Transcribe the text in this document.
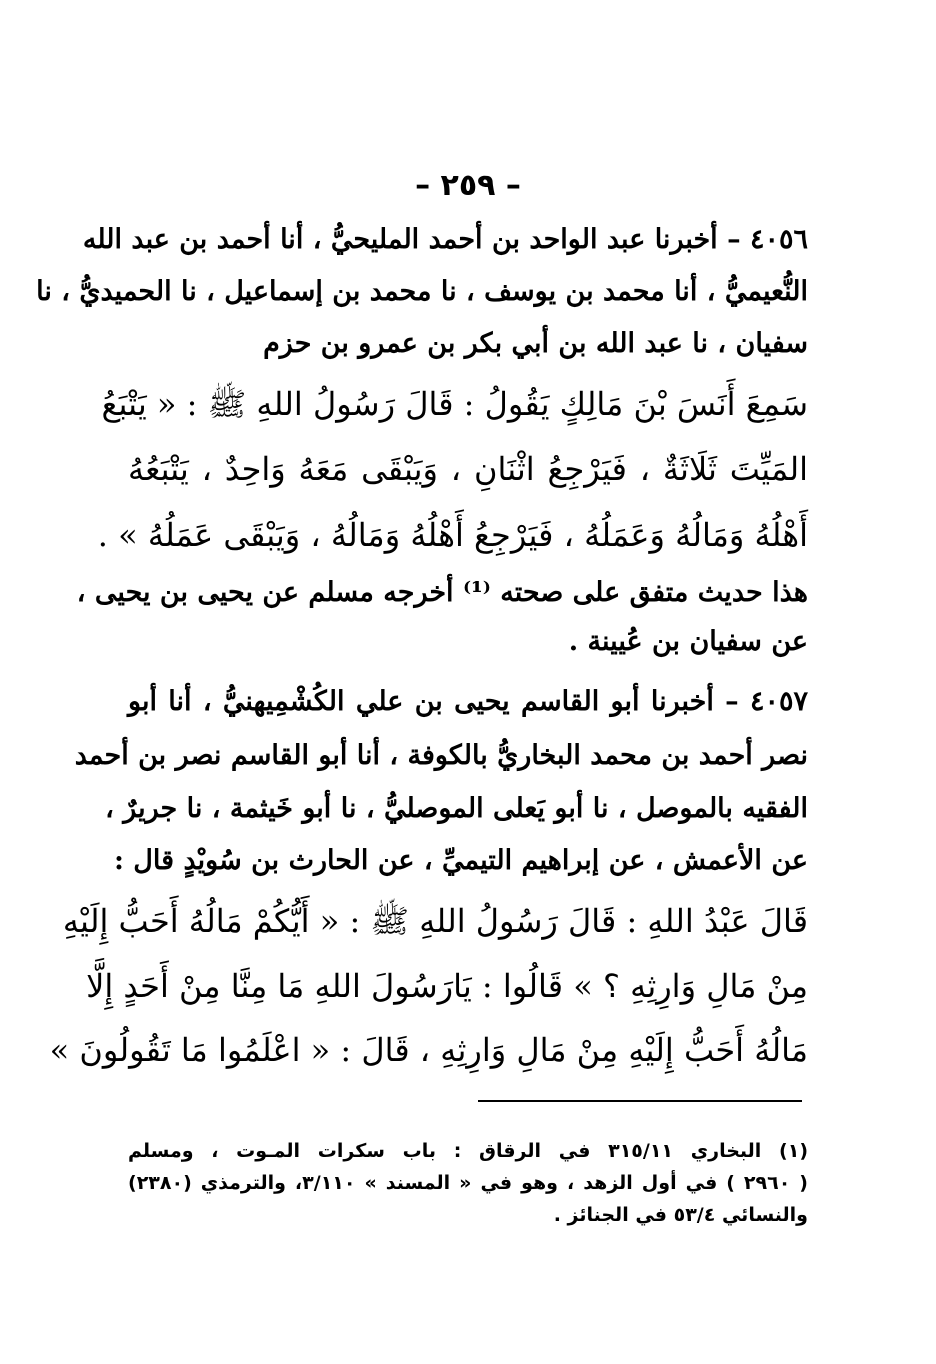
– ٢٥٩ –
٤٠٥٦ – أخبرنا عبد الواحد بن أحمد المليحيُّ ، أنا أحمد بن عبد الله
النُّعيميُّ ، أنا محمد بن يوسف ، نا محمد بن إسماعيل ، نا الحميديُّ ، نا
سفيان ، نا عبد الله بن أبي بكر بن عمرو بن حزم
سَمِعَ أَنَسَ بْنَ مَالِكٍ يَقُولُ : قَالَ رَسُولُ اللهِ ﷺ : « يَتْبَعُ
المَيِّتَ ثَلَاثَةٌ ، فَيَرْجِعُ اثْنَانِ ، وَيَبْقَى مَعَهُ وَاحِدٌ ، يَتْبَعُهُ
أَهْلُهُ وَمَالُهُ وَعَمَلُهُ ، فَيَرْجِعُ أَهْلُهُ وَمَالُهُ ، وَيَبْقَى عَمَلُهُ » .
هذا حديث متفق على صحته ⁽¹⁾ أخرجه مسلم عن يحيى بن يحيى ،
عن سفيان بن عُيينة .
٤٠٥٧ – أخبرنا أبو القاسم يحيى بن علي الكُشْمِيهنيُّ ، أنا أبو
نصر أحمد بن محمد البخاريُّ بالكوفة ، أنا أبو القاسم نصر بن أحمد
الفقيه بالموصل ، نا أبو يَعلى الموصليُّ ، نا أبو خَيثمة ، نا جريرٌ ،
عن الأعمش ، عن إبراهيم التيميِّ ، عن الحارث بن سُويْدٍ قال :
قَالَ عَبْدُ اللهِ : قَالَ رَسُولُ اللهِ ﷺ : « أَيُّكُمْ مَالُهُ أَحَبُّ إِلَيْهِ
مِنْ مَالِ وَارِثِهِ ؟ » قَالُوا : يَارَسُولَ اللهِ مَا مِنَّا مِنْ أَحَدٍ إِلَّا
مَالُهُ أَحَبُّ إِلَيْهِ مِنْ مَالِ وَارِثِهِ ، قَالَ : « اعْلَمُوا مَا تَقُولُونَ »
(١) البخاري ٣١٥/١١ في الرقاق : باب سكرات المـوت ، ومسلم
( ٢٩٦٠ ) في أول الزهد ، وهو في « المسند » ٣/١١٠، والترمذي (٢٣٨٠)
والنسائي ٥٣/٤ في الجنائز .
